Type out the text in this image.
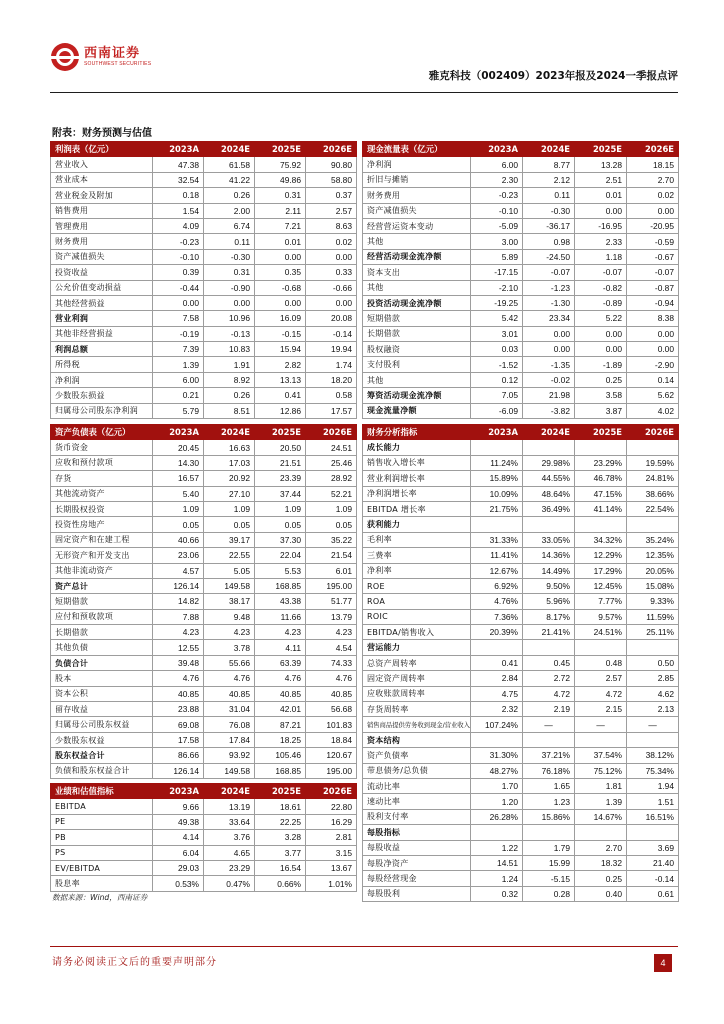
西南证券
SOUTHWEST SECURITIES
雅克科技（002409）2023年报及2024一季报点评
附表：财务预测与估值
利润表（亿元）	2023A	2024E	2025E	2026E
营业收入	47.38	61.58	75.92	90.80
营业成本	32.54	41.22	49.86	58.80
营业税金及附加	0.18	0.26	0.31	0.37
销售费用	1.54	2.00	2.11	2.57
管理费用	4.09	6.74	7.21	8.63
财务费用	-0.23	0.11	0.01	0.02
资产减值损失	-0.10	-0.30	0.00	0.00
投资收益	0.39	0.31	0.35	0.33
公允价值变动损益	-0.44	-0.90	-0.68	-0.66
其他经营损益	0.00	0.00	0.00	0.00
营业利润	7.58	10.96	16.09	20.08
其他非经营损益	-0.19	-0.13	-0.15	-0.14
利润总额	7.39	10.83	15.94	19.94
所得税	1.39	1.91	2.82	1.74
净利润	6.00	8.92	13.13	18.20
少数股东损益	0.21	0.26	0.41	0.58
归属母公司股东净利润	5.79	8.51	12.86	17.57
现金流量表（亿元）	2023A	2024E	2025E	2026E
净利润	6.00	8.77	13.28	18.15
折旧与摊销	2.30	2.12	2.51	2.70
财务费用	-0.23	0.11	0.01	0.02
资产减值损失	-0.10	-0.30	0.00	0.00
经营营运资本变动	-5.09	-36.17	-16.95	-20.95
其他	3.00	0.98	2.33	-0.59
经营活动现金流净额	5.89	-24.50	1.18	-0.67
资本支出	-17.15	-0.07	-0.07	-0.07
其他	-2.10	-1.23	-0.82	-0.87
投资活动现金流净额	-19.25	-1.30	-0.89	-0.94
短期借款	5.42	23.34	5.22	8.38
长期借款	3.01	0.00	0.00	0.00
股权融资	0.03	0.00	0.00	0.00
支付股利	-1.52	-1.35	-1.89	-2.90
其他	0.12	-0.02	0.25	0.14
筹资活动现金流净额	7.05	21.98	3.58	5.62
现金流量净额	-6.09	-3.82	3.87	4.02
资产负债表（亿元）	2023A	2024E	2025E	2026E
货币资金	20.45	16.63	20.50	24.51
应收和预付款项	14.30	17.03	21.51	25.46
存货	16.57	20.92	23.39	28.92
其他流动资产	5.40	27.10	37.44	52.21
长期股权投资	1.09	1.09	1.09	1.09
投资性房地产	0.05	0.05	0.05	0.05
固定资产和在建工程	40.66	39.17	37.30	35.22
无形资产和开发支出	23.06	22.55	22.04	21.54
其他非流动资产	4.57	5.05	5.53	6.01
资产总计	126.14	149.58	168.85	195.00
短期借款	14.82	38.17	43.38	51.77
应付和预收款项	7.88	9.48	11.66	13.79
长期借款	4.23	4.23	4.23	4.23
其他负债	12.55	3.78	4.11	4.54
负债合计	39.48	55.66	63.39	74.33
股本	4.76	4.76	4.76	4.76
资本公积	40.85	40.85	40.85	40.85
留存收益	23.88	31.04	42.01	56.68
归属母公司股东权益	69.08	76.08	87.21	101.83
少数股东权益	17.58	17.84	18.25	18.84
股东权益合计	86.66	93.92	105.46	120.67
负债和股东权益合计	126.14	149.58	168.85	195.00
财务分析指标	2023A	2024E	2025E	2026E
成长能力				
销售收入增长率	11.24%	29.98%	23.29%	19.59%
营业利润增长率	15.89%	44.55%	46.78%	24.81%
净利润增长率	10.09%	48.64%	47.15%	38.66%
EBITDA 增长率	21.75%	36.49%	41.14%	22.54%
获利能力				
毛利率	31.33%	33.05%	34.32%	35.24%
三费率	11.41%	14.36%	12.29%	12.35%
净利率	12.67%	14.49%	17.29%	20.05%
ROE	6.92%	9.50%	12.45%	15.08%
ROA	4.76%	5.96%	7.77%	9.33%
ROIC	7.36%	8.17%	9.57%	11.59%
EBITDA/销售收入	20.39%	21.41%	24.51%	25.11%
营运能力				
总资产周转率	0.41	0.45	0.48	0.50
固定资产周转率	2.84	2.72	2.57	2.85
应收账款周转率	4.75	4.72	4.72	4.62
存货周转率	2.32	2.19	2.15	2.13
销售商品提供劳务收到现金/营业收入	107.24%	—	—	—
资本结构				
资产负债率	31.30%	37.21%	37.54%	38.12%
带息债务/总负债	48.27%	76.18%	75.12%	75.34%
流动比率	1.70	1.65	1.81	1.94
速动比率	1.20	1.23	1.39	1.51
股利支付率	26.28%	15.86%	14.67%	16.51%
每股指标				
每股收益	1.22	1.79	2.70	3.69
每股净资产	14.51	15.99	18.32	21.40
每股经营现金	1.24	-5.15	0.25	-0.14
每股股利	0.32	0.28	0.40	0.61
业绩和估值指标	2023A	2024E	2025E	2026E
EBITDA	9.66	13.19	18.61	22.80
PE	49.38	33.64	22.25	16.29
PB	4.14	3.76	3.28	2.81
PS	6.04	4.65	3.77	3.15
EV/EBITDA	29.03	23.29	16.54	13.67
股息率	0.53%	0.47%	0.66%	1.01%
数据来源：Wind，西南证券
请务必阅读正文后的重要声明部分	4
